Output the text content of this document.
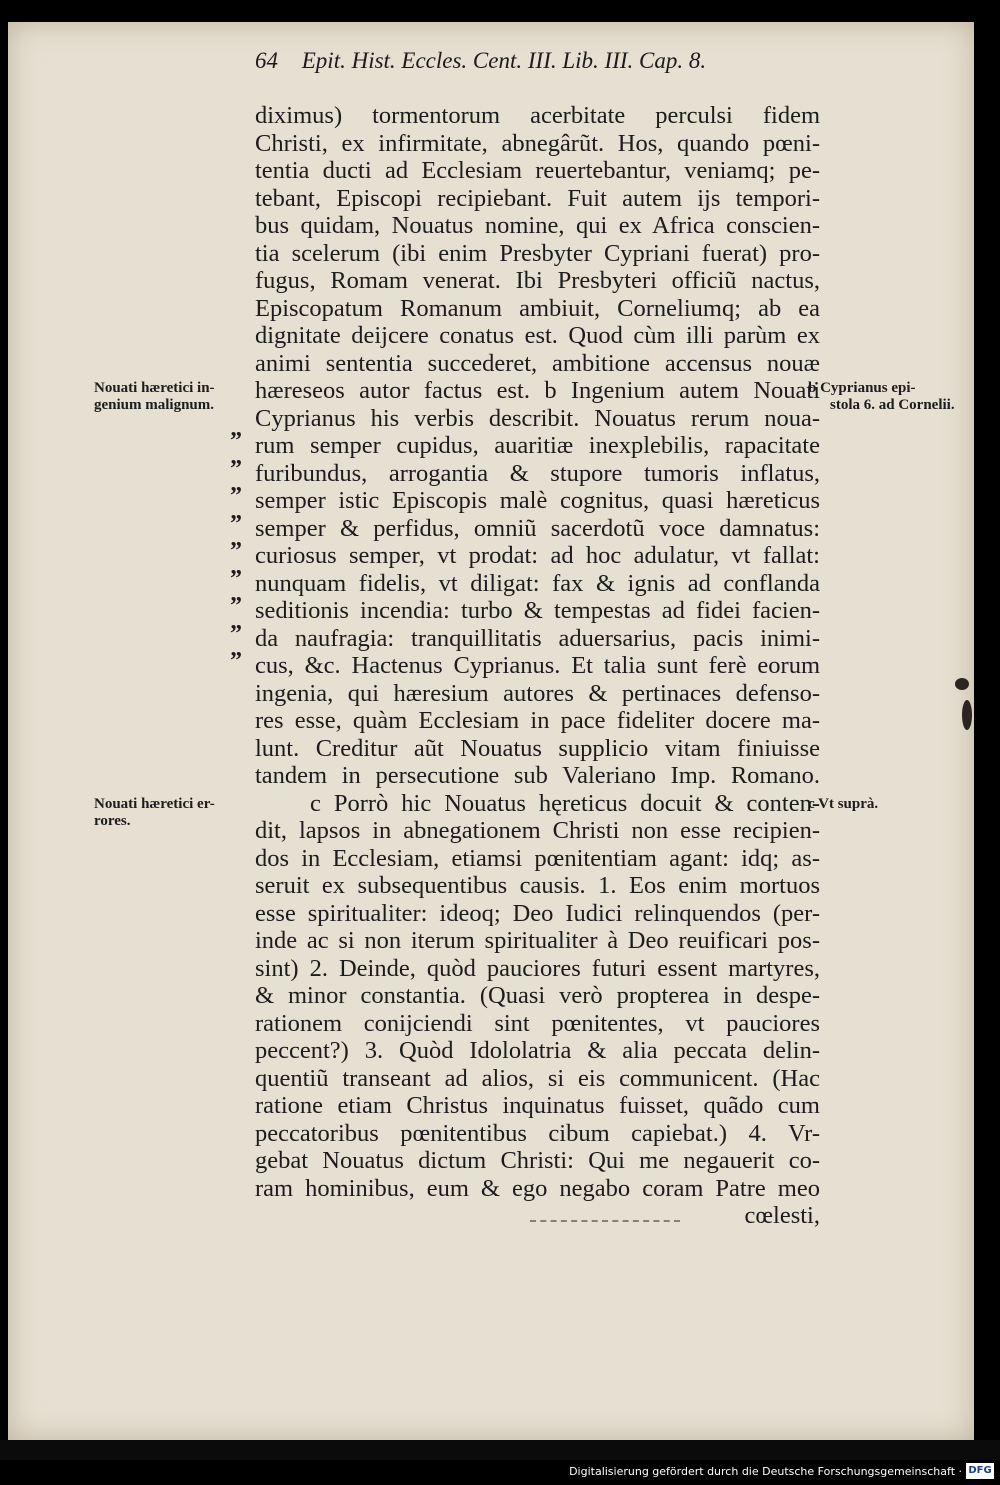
64 Epit. Hist. Eccles. Cent. III. Lib. III. Cap. 8.
diximus) tormentorum acerbitate perculsi fidem
Christi, ex infirmitate, abnegârũt. Hos, quando pœni-
tentia ducti ad Ecclesiam reuertebantur, veniamq; pe-
tebant, Episcopi recipiebant. Fuit autem ijs tempori-
bus quidam, Nouatus nomine, qui ex Africa conscien-
tia scelerum (ibi enim Presbyter Cypriani fuerat) pro-
fugus, Romam venerat. Ibi Presbyteri officiũ nactus,
Episcopatum Romanum ambiuit, Corneliumq; ab ea
dignitate deijcere conatus est. Quod cùm illi parùm ex
animi sententia succederet, ambitione accensus nouæ
hæreseos autor factus est. b Ingenium autem Nouati
Cyprianus his verbis describit. Nouatus rerum noua-
rum semper cupidus, auaritiæ inexplebilis, rapacitate
furibundus, arrogantia & stupore tumoris inflatus,
semper istic Episcopis malè cognitus, quasi hæreticus
semper & perfidus, omniũ sacerdotũ voce damnatus:
curiosus semper, vt prodat: ad hoc adulatur, vt fallat:
nunquam fidelis, vt diligat: fax & ignis ad conflanda
seditionis incendia: turbo & tempestas ad fidei facien-
da naufragia: tranquillitatis aduersarius, pacis inimi-
cus, &c. Hactenus Cyprianus. Et talia sunt ferè eorum
ingenia, qui hæresium autores & pertinaces defenso-
res esse, quàm Ecclesiam in pace fideliter docere ma-
lunt. Creditur aũt Nouatus supplicio vitam finiuisse
tandem in persecutione sub Valeriano Imp. Romano.
c Porrò hic Nouatus hęreticus docuit & conten-
dit, lapsos in abnegationem Christi non esse recipien-
dos in Ecclesiam, etiamsi pœnitentiam agant: idq; as-
seruit ex subsequentibus causis. 1. Eos enim mortuos
esse spiritualiter: ideoq; Deo Iudici relinquendos (per-
inde ac si non iterum spiritualiter à Deo reuificari pos-
sint) 2. Deinde, quòd pauciores futuri essent martyres,
& minor constantia. (Quasi verò propterea in despe-
rationem conijciendi sint pœnitentes, vt pauciores
peccent?) 3. Quòd Idololatria & alia peccata delin-
quentiũ transeant ad alios, si eis communicent. (Hac
ratione etiam Christus inquinatus fuisset, quãdo cum
peccatoribus pœnitentibus cibum capiebat.) 4. Vr-
gebat Nouatus dictum Christi: Qui me negauerit co-
ram hominibus, eum & ego negabo coram Patre meo
cœlesti,
”
”
”
”
”
”
”
”
”
Nouati hæretici in-
genium malignum.
Nouati hæretici er-
rores.
b Cyprianus epi-
stola 6. ad Cornelii.
c Vt suprà.
Digitalisierung gefördert durch die Deutsche Forschungsgemeinschaft · DFG
